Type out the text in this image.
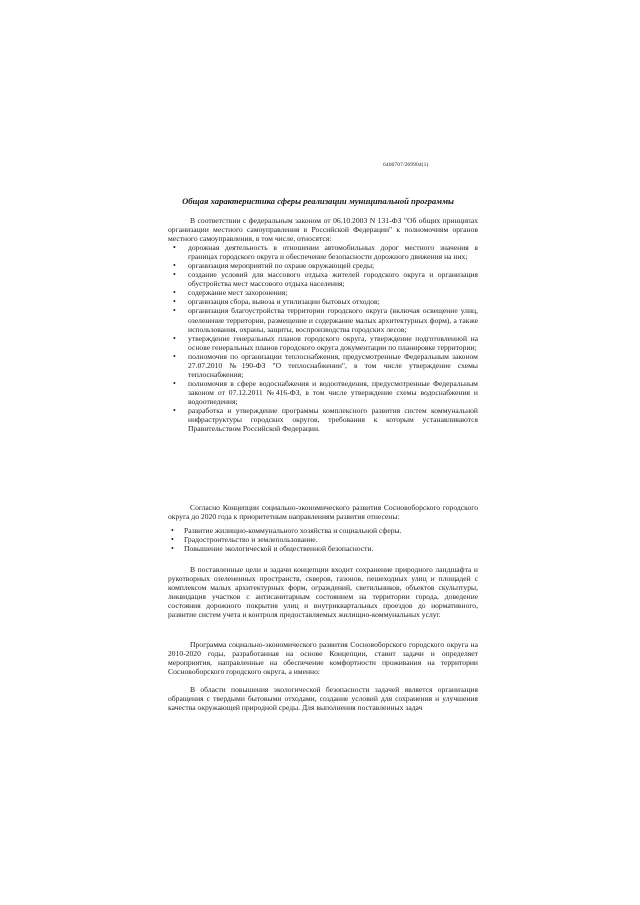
6406707/269904(1)
Общая характеристика сферы реализации муниципальной программы

В соответствии с федеральным законом от 06.10.2003 N 131-ФЗ "Об общих принципах организации местного самоуправления в Российской Федерации" к полномочиям органов местного самоуправления, в том числе, относятся:

• дорожная деятельность в отношении автомобильных дорог местного значения в границах городского округа и обеспечение безопасности дорожного движения на них;
• организация мероприятий по охране окружающей среды;
• создание условий для массового отдыха жителей городского округа и организация обустройства мест массового отдыха населения;
• содержание мест захоронения;
• организация сбора, вывоза и утилизации бытовых отходов;
• организация благоустройства территории городского округа (включая освещение улиц, озеленение территории, размещение и содержание малых архитектурных форм), а также использования, охраны, защиты, воспроизводства городских лесов;
• утверждение генеральных планов городского округа, утверждение подготовленной на основе генеральных планов городского округа документации по планировке территории;
• полномочия по организации теплоснабжения, предусмотренные Федеральным законом 27.07.2010 №190-ФЗ "О теплоснабжении", в том числе утверждение схемы теплоснабжения;
• полномочия в сфере водоснабжения и водоотведения, предусмотренные Федеральным законом от 07.12.2011 №416-ФЗ, в том числе утверждение схемы водоснабжения и водоотведения;
• разработка и утверждение программы комплексного развития систем коммунальной инфраструктуры городских округов, требования к которым устанавливаются Правительством Российской Федерации.

Согласно Концепции социально-экономического развития Сосновоборского городского округа до 2020 года к приоритетным направлениям развития отнесены:

• Развитие жилищно-коммунального хозяйства и социальной сферы.
• Градостроительство и землепользование.
• Повышение экологической и общественной безопасности.

В поставленные цели и задачи концепции входит сохранение природного ландшафта и рукотворных озелененных пространств, скверов, газонов, пешеходных улиц и площадей с комплексом малых архитектурных форм, ограждений, светильников, объектов скульптуры, ликвидация участков с антисанитарным состоянием на территории города, доведение состояния дорожного покрытия улиц и внутриквартальных проездов до нормативного, развитие систем учета и контроля предоставляемых жилищно-коммунальных услуг.

Программа социально-экономического развития Сосновоборского городского округа на 2010-2020 годы, разработанная на основе Концепции, ставит задачи и определяет мероприятия, направленные на обеспечение комфортности проживания на территории Сосновоборского городского округа, а именно:

В области повышения экологической безопасности задачей является организация обращения с твердыми бытовыми отходами, создание условий для сохранения и улучшения качества окружающей природной среды. Для выполнения поставленных задач
